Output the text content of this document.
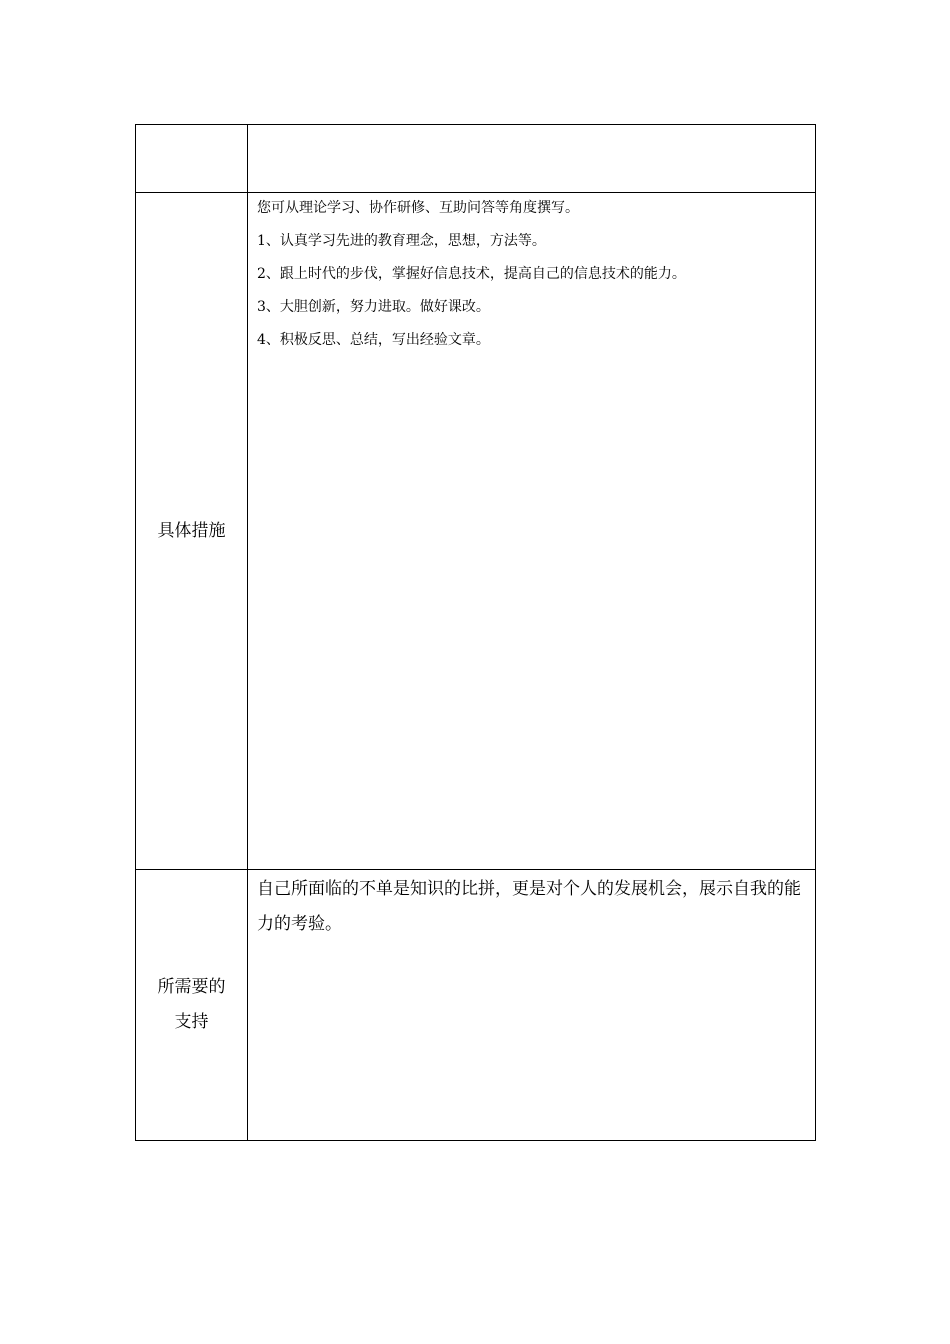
具体措施	您可从理论学习、协作研修、互助问答等角度撰写。

1、认真学习先进的教育理念，思想，方法等。

2、跟上时代的步伐，掌握好信息技术，提高自己的信息技术的能力。

3、大胆创新，努力进取。做好课改。

4、积极反思、总结，写出经验文章。

所需要的
支持	自己所面临的不单是知识的比拼，更是对个人的发展机会，展示自我的能力的考验。
